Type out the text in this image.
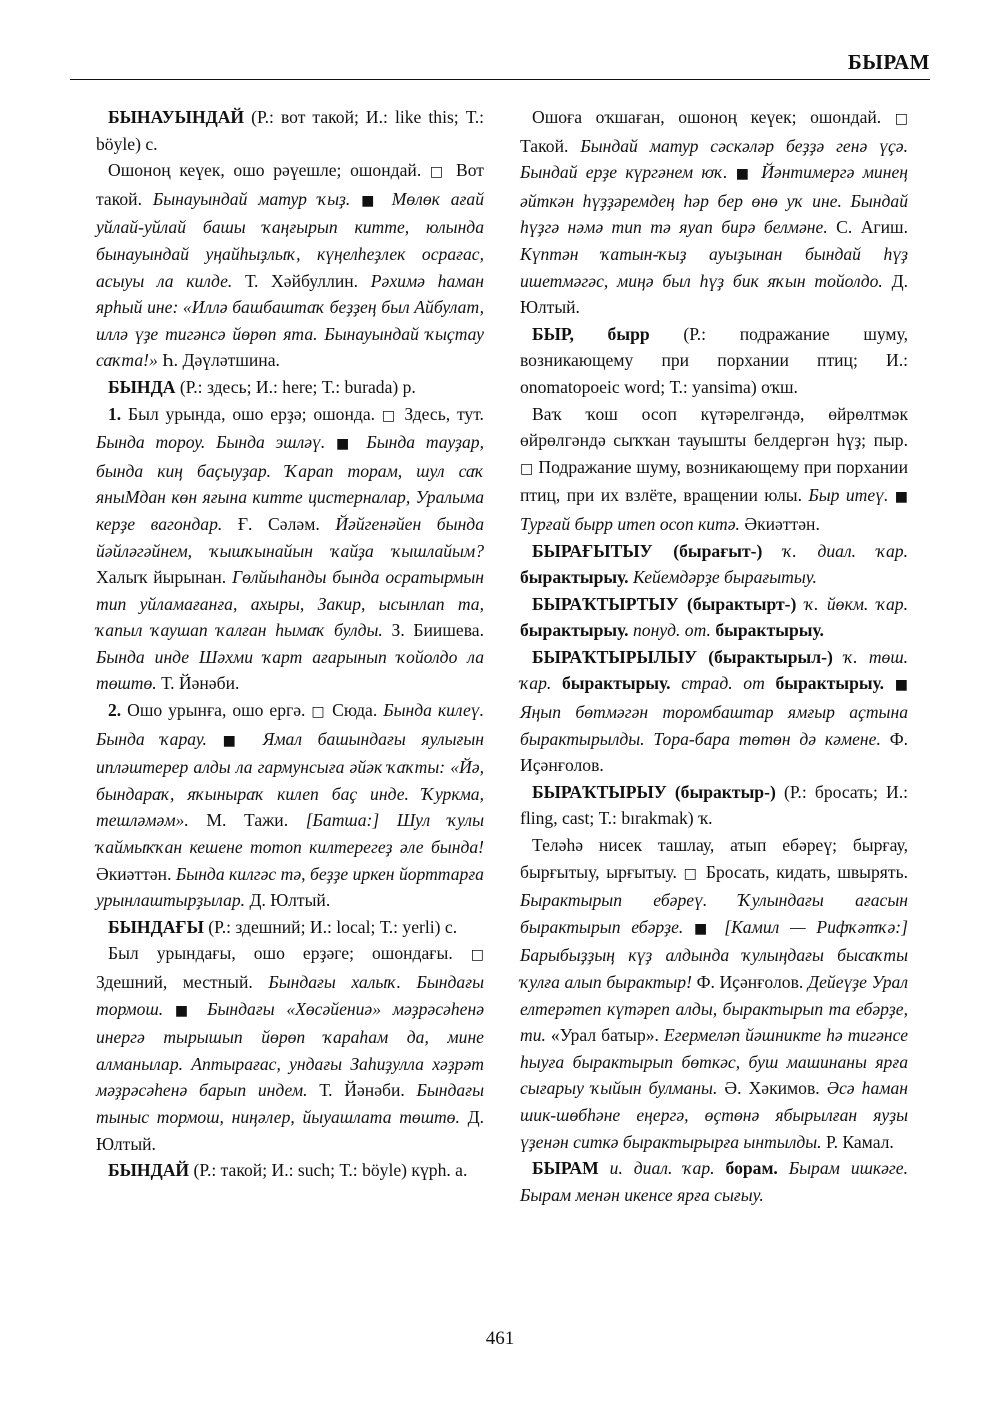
БЫРАМ

БЫНАУЫНДАЙ (Р.: вот такой; И.: like this; Т.: böyle) с.

Ошоноң кеүек, ошо рәүешле; ошондай. □ Вот такой. Бынауындай матур ҡыҙ. ■ Мөлөк ағай уйлай-уйлай башы ҡаңғырып китте, юлында бынауындай уңайһыҙлыҡ, күңелһеҙлек осрағас, асыуы ла килде. Т. Хәйбуллин. Рәхимә һаман ярһый ине: «Иллә башбаштаҡ беҙҙең был Айбулат, иллә үҙе тигәнсә йөрөп ята. Бынауындай ҡыҫтау саҡта!» Һ. Дәүләтшина.

БЫНДА (Р.: здесь; И.: here; Т.: burada) р.

1. Был урында, ошо ерҙә; ошонда. □ Здесь, тут. Бында тороу. Бында эшләү. ■ Бында тауҙар, бында киң баҫыуҙар. Ҡарап торам, шул саҡ яныМдан көн яғына китте цистерналар, Уралыма керҙе вагондар. Ғ. Сәләм. Йәйгенәйен бында йәйләгәйнем, ҡышҡынайын ҡайҙа ҡышлайым? Халыҡ йырынан. Гөлйыһанды бында осратырмын тип уйламағанға, ахыры, Закир, ысынлап та, ҡапыл ҡаушап ҡалған һымаҡ булды. З. Биишева. Бында инде Шәхми ҡарт ағарынып ҡойолдо ла төштө. Т. Йәнәби.

2. Ошо урынға, ошо ергә. □ Сюда. Бында килеү. Бында ҡарау. ■ Ямал башындағы яулығын ипләштерер алды ла гармунсыға әйәк ҡаҡты: «Йә, бындараҡ, яҡыныраҡ килеп баҫ инде. Ҡуркма, тешләмәм». М. Тажи. [Батша:] Шул ҡулы ҡаймыҡҡан кешене тотоп килтерегеҙ әле бында! Әкиәттән. Бында килгәс тә, беҙҙе иркен йорттарға урынлаштырҙылар. Д. Юлтый.

БЫНДАҒЫ (Р.: здешний; И.: local; Т.: yerli) с.

Был урындағы, ошо ерҙәге; ошондағы. □ Здешний, местный. Бындағы халыҡ. Бындағы тормош. ■ Бындағы «Хөсәйениә» мәҙрәсәһенә инергә тырышып йөрөп ҡараһам да, мине алманылар. Аптырағас, ундағы Заһиҙулла хәҙрәт мәҙрәсәһенә барып индем. Т. Йәнәби. Бындағы тыныс тормош, ниңәлер, йыуашлата төштө. Д. Юлтый.

БЫНДАЙ (Р.: такой; И.: such; Т.: böyle) күрһ. а.

Ошоға оҡшаған, ошоноң кеүек; ошондай. □ Такой. Бындай матур сәскәләр беҙҙә генә үҫә. Бындай ерҙе күргәнем юҡ. ■ Йәнтимергә минең әйткән һүҙҙәремдең һәр бер өнө уҡ ине. Бындай һүҙгә нәмә тип тә яуап бирә белмәне. С. Агиш. Күптән ҡатын-ҡыҙ ауыҙынан бындай һүҙ ишетмәгәс, миңә был һүҙ бик яҡын тойолдо. Д. Юлтый.

БЫР, бырр (Р.: подражание шуму, возникающему при порхании птиц; И.: onomatopoeic word; Т.: yansima) оҡш.

Ваҡ ҡош осоп күтәрелгәндә, өйрөлтмәк өйрөлгәндә сыҡҡан тауышты белдергән һүҙ; пыр. □ Подражание шуму, возникающему при порхании птиц, при их взлёте, вращении юлы. Быр итеү. ■ Турғай бырр итеп осоп китә. Әкиәттән.

БЫРАҒЫТЫУ (бырағыт-) ҡ. диал. ҡар. бырактырыу. Кейемдәрҙе бырағытыу.

БЫРАҠТЫРТЫУ (бырактырт-) ҡ. йөкм. ҡар. бырактырыу. понуд. от. бырактырыу.

БЫРАҠТЫРЫЛЫУ (бырактырыл-) ҡ. төш. ҡар. бырактырыу. страд. от бырактырыу. ■ Яңып бөтмәгән торомбаштар ямғыр аҫтына бырактырылды. Тора-бара төтөн дә кәмене. Ф. Иҫәнғолов.

БЫРАҠТЫРЫУ (бырактыр-) (Р.: бросать; И.: fling, cast; Т.: bırakmak) ҡ.

Теләһә нисек ташлау, атып ебәреү; бырғау, бырғытыу, ырғытыу. □ Бросать, кидать, швырять. Бырактырып ебәреү. Ҡулындағы ағасын бырактырып ебәрҙе. ■ [Камил — Рифҡәтҡә:] Барыбыҙҙың күҙ алдында ҡулыңдағы бысаҡты ҡулға алып бырактыр! Ф. Иҫәнғолов. Дейеүҙе Урал елтерәтеп күтәреп алды, бырактырып та ебәрҙе, ти. «Урал батыр». Егермеләп йәшникте һә тигәнсе һыуға бырактырып бөткәс, буш машинаны ярға сығарыу ҡыйын булманы. Ә. Хәкимов. Әсә һаман шик-шөбһәне еңергә, өҫтөнә ябырылған яуҙы үҙенән ситкә бырактырырға ынтылды. Р. Камал.

БЫРАМ и. диал. ҡар. борам. Бырам ишкәге. Бырам менән икенсе ярға сығыу.

461
